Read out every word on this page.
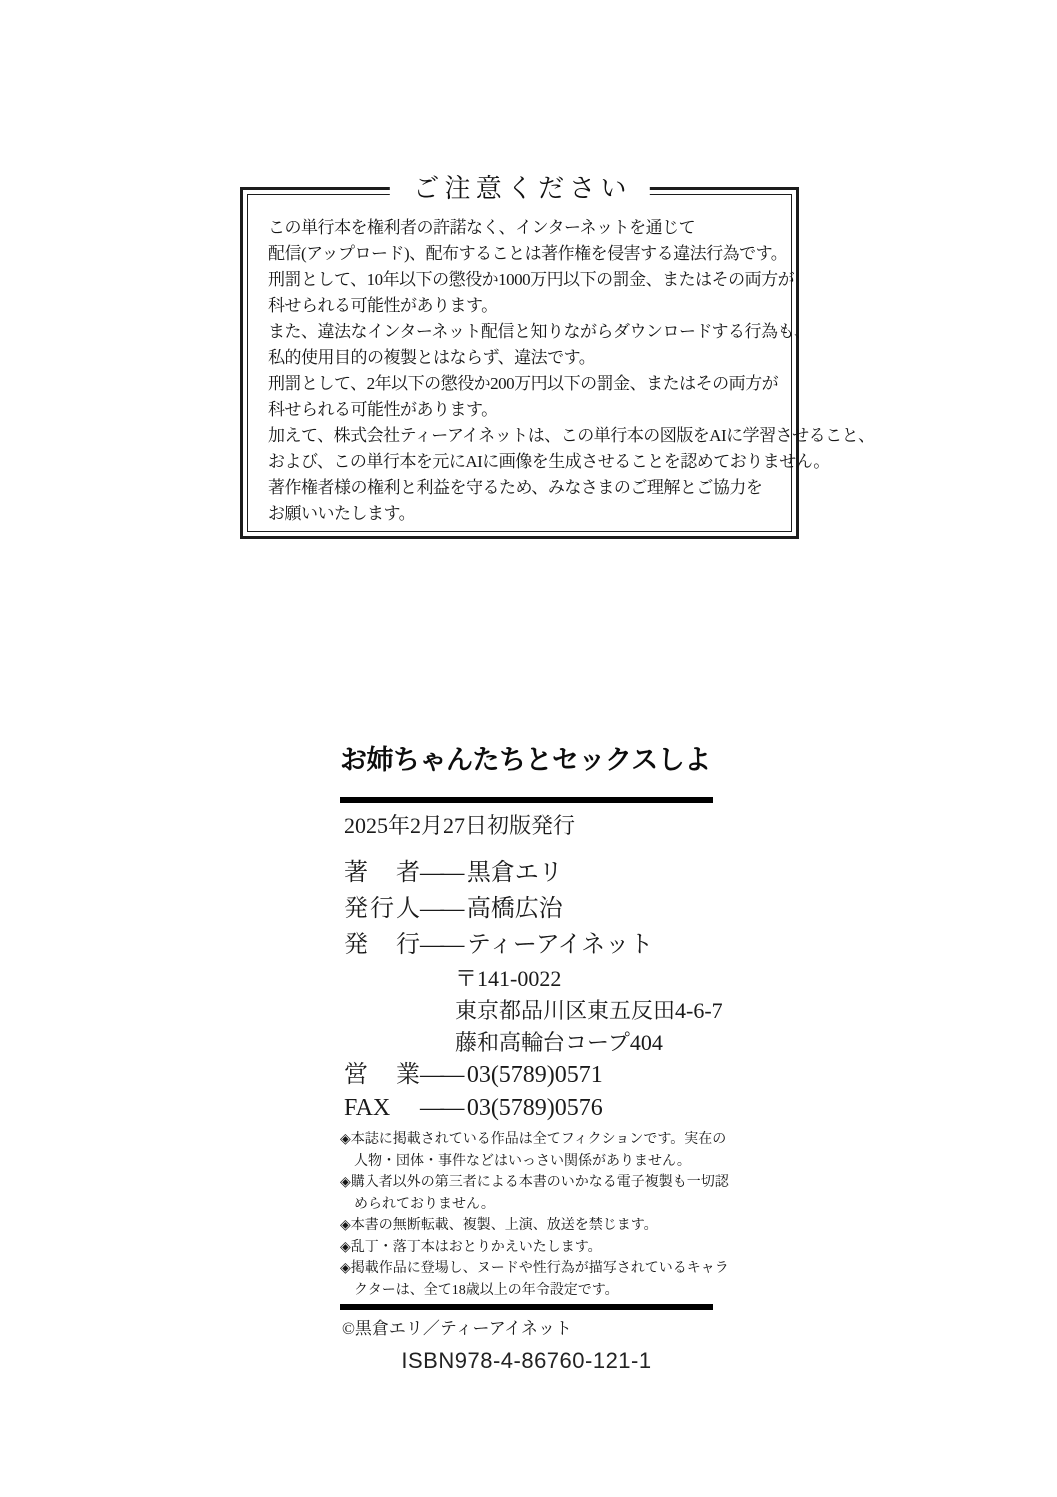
ご注意ください
この単行本を権利者の許諾なく、インターネットを通じて
配信(アップロード)、配布することは著作権を侵害する違法行為です。
刑罰として、10年以下の懲役か1000万円以下の罰金、またはその両方が
科せられる可能性があります。
また、違法なインターネット配信と知りながらダウンロードする行為も、
私的使用目的の複製とはならず、違法です。
刑罰として、2年以下の懲役か200万円以下の罰金、またはその両方が
科せられる可能性があります。
加えて、株式会社ティーアイネットは、この単行本の図版をAIに学習させること、
および、この単行本を元にAIに画像を生成させることを認めておりません。
著作権者様の権利と利益を守るため、みなさまのご理解とご協力を
お願いいたします。
お姉ちゃんたちとセックスしよ
2025年2月27日初版発行
著者 —— 黒倉エリ
発行人 —— 高橋広治
発行 —— ティーアイネット
〒141-0022
東京都品川区東五反田4-6-7
藤和高輪台コープ404
営業 —— 03(5789)0571
FAX	—— 03(5789)0576
◈本誌に掲載されている作品は全てフィクションです。実在の人物・団体・事件などはいっさい関係がありません。
◈購入者以外の第三者による本書のいかなる電子複製も一切認められておりません。
◈本書の無断転載、複製、上演、放送を禁じます。
◈乱丁・落丁本はおとりかえいたします。
◈掲載作品に登場し、ヌードや性行為が描写されているキャラクターは、全て18歳以上の年令設定です。
©黒倉エリ／ティーアイネット
ISBN978-4-86760-121-1
